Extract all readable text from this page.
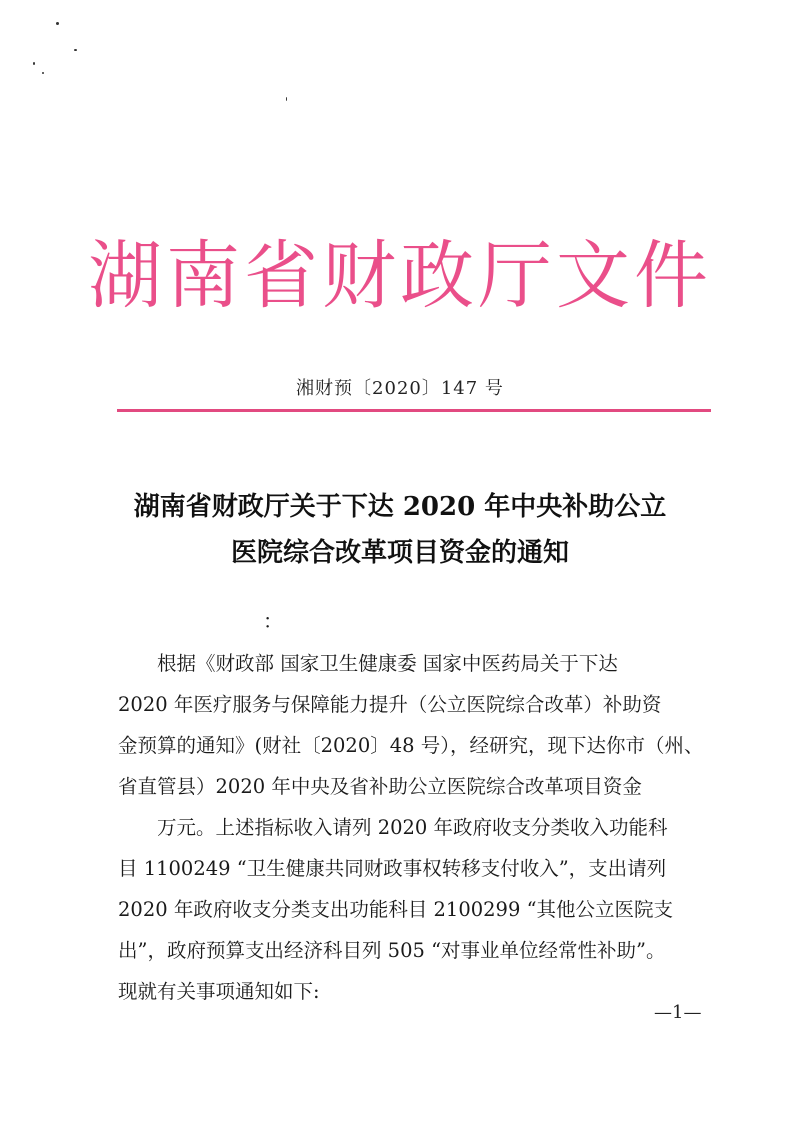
湖南省财政厅文件
湘财预〔2020〕147 号
湖南省财政厅关于下达 2020 年中央补助公立
医院综合改革项目资金的通知
：
根据《财政部 国家卫生健康委 国家中医药局关于下达
2020 年医疗服务与保障能力提升（公立医院综合改革）补助资
金预算的通知》(财社〔2020〕48 号），经研究，现下达你市（州、
省直管县）2020 年中央及省补助公立医院综合改革项目资金
万元。上述指标收入请列 2020 年政府收支分类收入功能科
目 1100249 “卫生健康共同财政事权转移支付收入”，支出请列
2020 年政府收支分类支出功能科目 2100299 “其他公立医院支
出”，政府预算支出经济科目列 505 “对事业单位经常性补助”。
现就有关事项通知如下:
—1—
